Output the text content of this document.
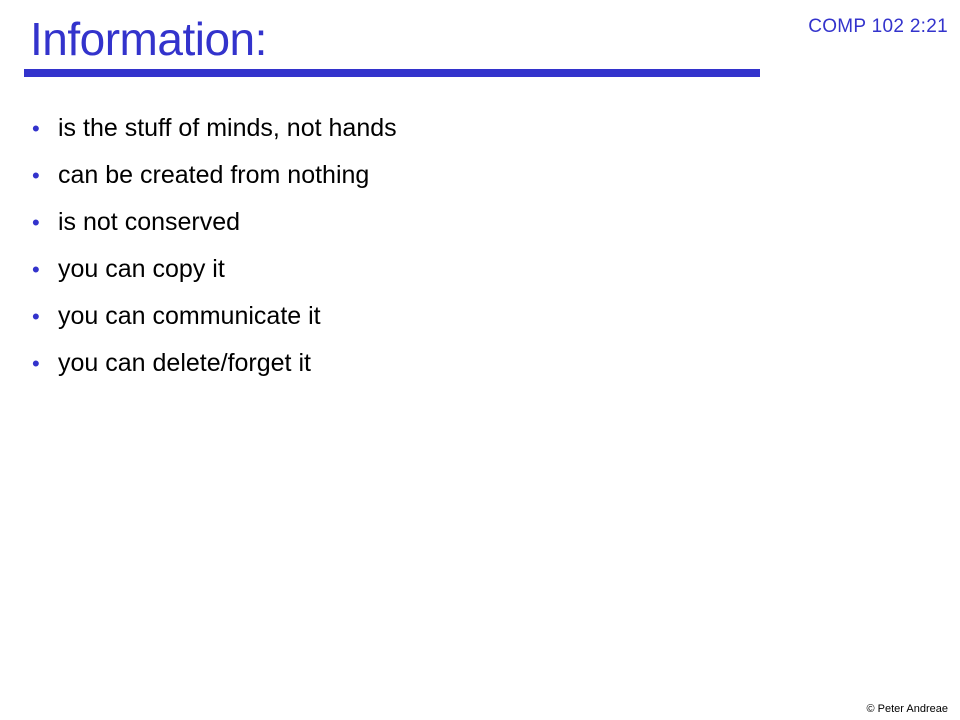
Information:	COMP 102 2:21
• is the stuff of minds, not hands
• can be created from nothing
• is not conserved
• you can copy it
• you can communicate it
• you can delete/forget it
© Peter Andreae
